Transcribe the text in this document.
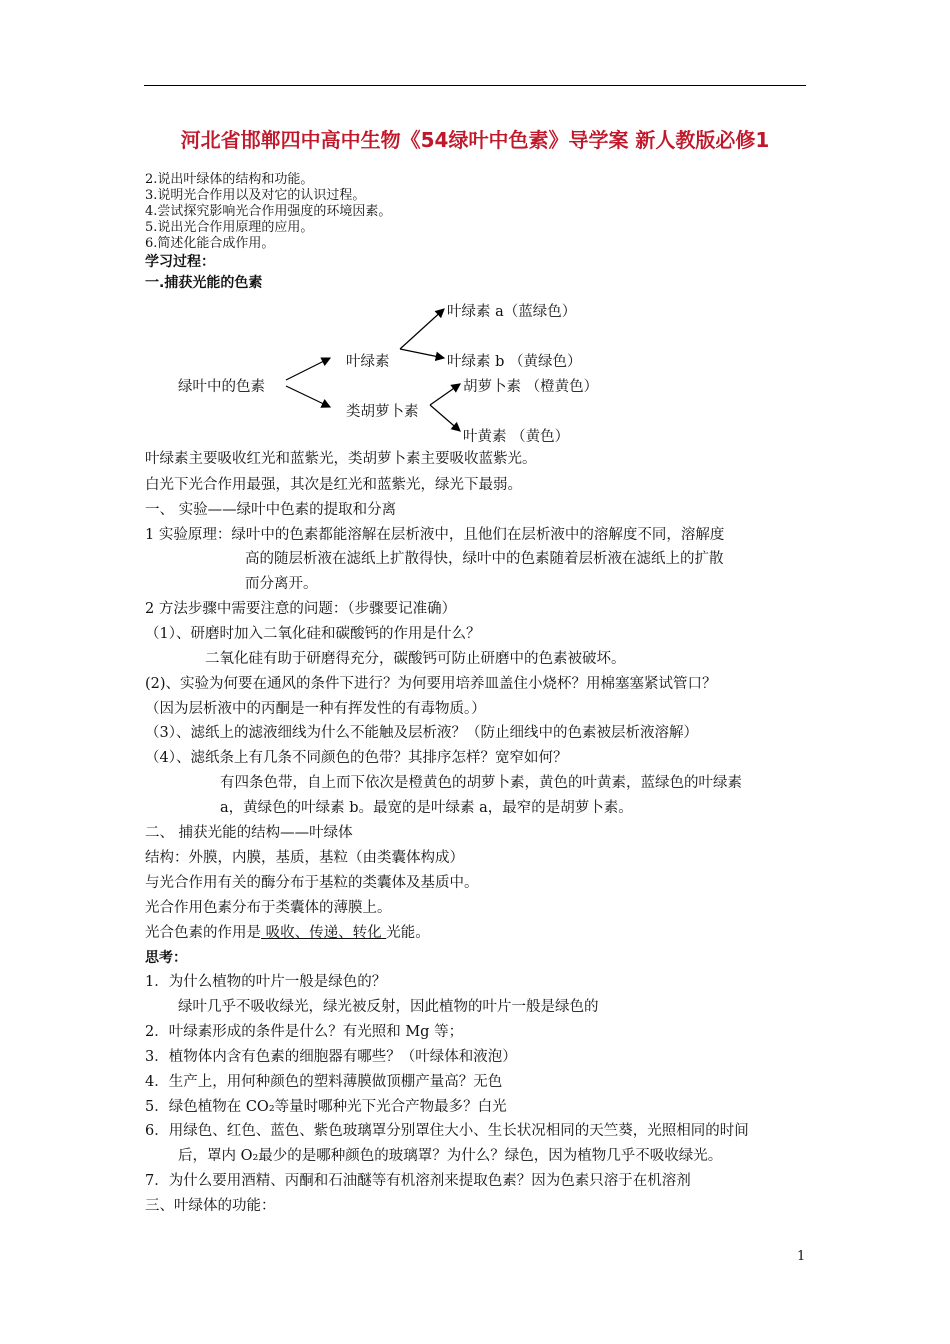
河北省邯郸四中高中生物《54绿叶中色素》导学案 新人教版必修1
2.说出叶绿体的结构和功能。
3.说明光合作用以及对它的认识过程。
4.尝试探究影响光合作用强度的环境因素。
5.说出光合作用原理的应用。
6.简述化能合成作用。
学习过程：
一.捕获光能的色素
绿叶中的色素
叶绿素
类胡萝卜素
叶绿素 a（蓝绿色）
叶绿素 b （黄绿色）
胡萝卜素 （橙黄色）
叶黄素 （黄色）
叶绿素主要吸收红光和蓝紫光，类胡萝卜素主要吸收蓝紫光。
白光下光合作用最强，其次是红光和蓝紫光，绿光下最弱。
一、 实验——绿叶中色素的提取和分离
1 实验原理：绿叶中的色素都能溶解在层析液中，且他们在层析液中的溶解度不同，溶解度
高的随层析液在滤纸上扩散得快，绿叶中的色素随着层析液在滤纸上的扩散
而分离开。
2 方法步骤中需要注意的问题：（步骤要记准确）
（1）、研磨时加入二氧化硅和碳酸钙的作用是什么？
二氧化硅有助于研磨得充分，碳酸钙可防止研磨中的色素被破坏。
(2)、实验为何要在通风的条件下进行？为何要用培养皿盖住小烧杯？用棉塞塞紧试管口？
（因为层析液中的丙酮是一种有挥发性的有毒物质。）
（3）、滤纸上的滤液细线为什么不能触及层析液？（防止细线中的色素被层析液溶解）
（4）、滤纸条上有几条不同颜色的色带？其排序怎样？宽窄如何？
有四条色带，自上而下依次是橙黄色的胡萝卜素，黄色的叶黄素，蓝绿色的叶绿素
a，黄绿色的叶绿素 b。最宽的是叶绿素 a，最窄的是胡萝卜素。
二、 捕获光能的结构——叶绿体
结构：外膜，内膜，基质，基粒（由类囊体构成）
与光合作用有关的酶分布于基粒的类囊体及基质中。
光合作用色素分布于类囊体的薄膜上。
光合色素的作用是 吸收、传递、转化 光能。
思考：
1．为什么植物的叶片一般是绿色的？
绿叶几乎不吸收绿光，绿光被反射，因此植物的叶片一般是绿色的
2．叶绿素形成的条件是什么？有光照和 Mg 等；
3．植物体内含有色素的细胞器有哪些？（叶绿体和液泡）
4．生产上，用何种颜色的塑料薄膜做顶棚产量高？无色
5．绿色植物在 CO₂等量时哪种光下光合产物最多？白光
6．用绿色、红色、蓝色、紫色玻璃罩分别罩住大小、生长状况相同的天竺葵，光照相同的时间
后，罩内 O₂最少的是哪种颜色的玻璃罩？为什么？绿色，因为植物几乎不吸收绿光。
7．为什么要用酒精、丙酮和石油醚等有机溶剂来提取色素？因为色素只溶于在机溶剂
三、叶绿体的功能：
1
